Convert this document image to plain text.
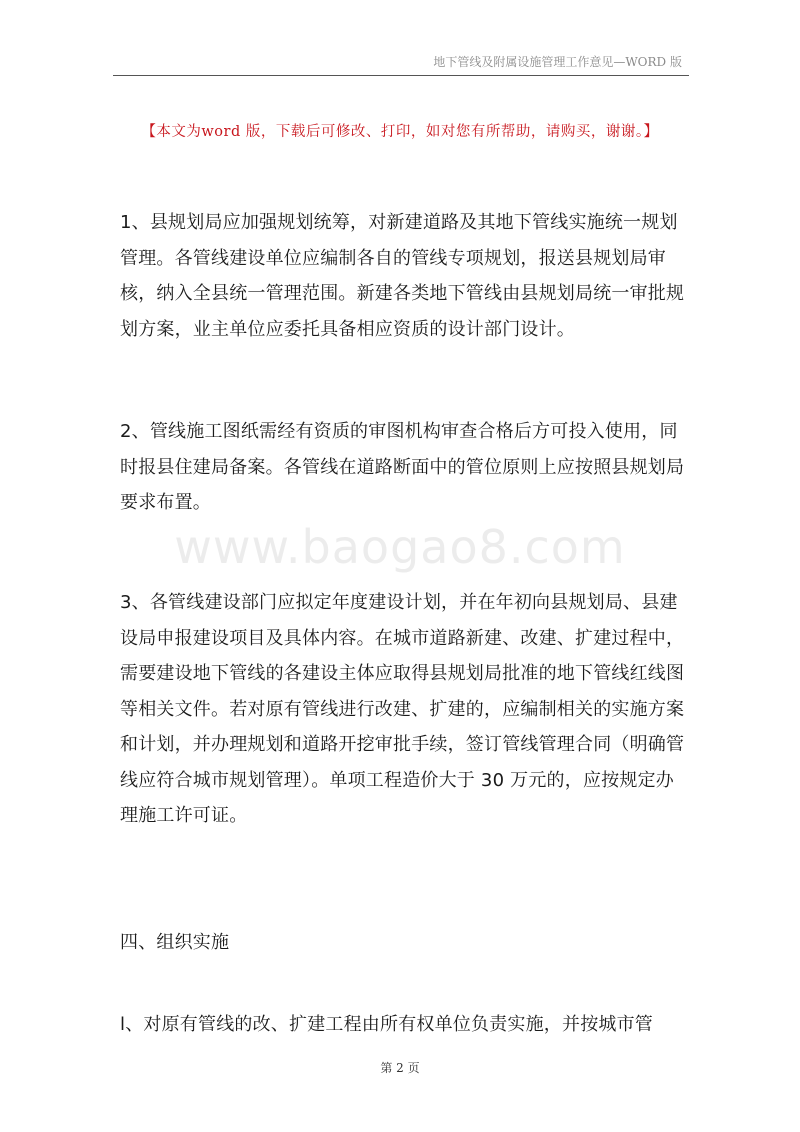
地下管线及附属设施管理工作意见—WORD 版
【本文为word 版，下载后可修改、打印，如对您有所帮助，请购买，谢谢。】

1、县规划局应加强规划统筹，对新建道路及其地下管线实施统一规划管理。各管线建设单位应编制各自的管线专项规划，报送县规划局审核，纳入全县统一管理范围。新建各类地下管线由县规划局统一审批规划方案，业主单位应委托具备相应资质的设计部门设计。

2、管线施工图纸需经有资质的审图机构审查合格后方可投入使用，同时报县住建局备案。各管线在道路断面中的管位原则上应按照县规划局要求布置。

www.baogao8.com

3、各管线建设部门应拟定年度建设计划，并在年初向县规划局、县建设局申报建设项目及具体内容。在城市道路新建、改建、扩建过程中，需要建设地下管线的各建设主体应取得县规划局批准的地下管线红线图等相关文件。若对原有管线进行改建、扩建的，应编制相关的实施方案和计划，并办理规划和道路开挖审批手续，签订管线管理合同（明确管线应符合城市规划管理）。单项工程造价大于 30 万元的，应按规定办理施工许可证。

四、组织实施

l、对原有管线的改、扩建工程由所有权单位负责实施，并按城市管

第 2 页
